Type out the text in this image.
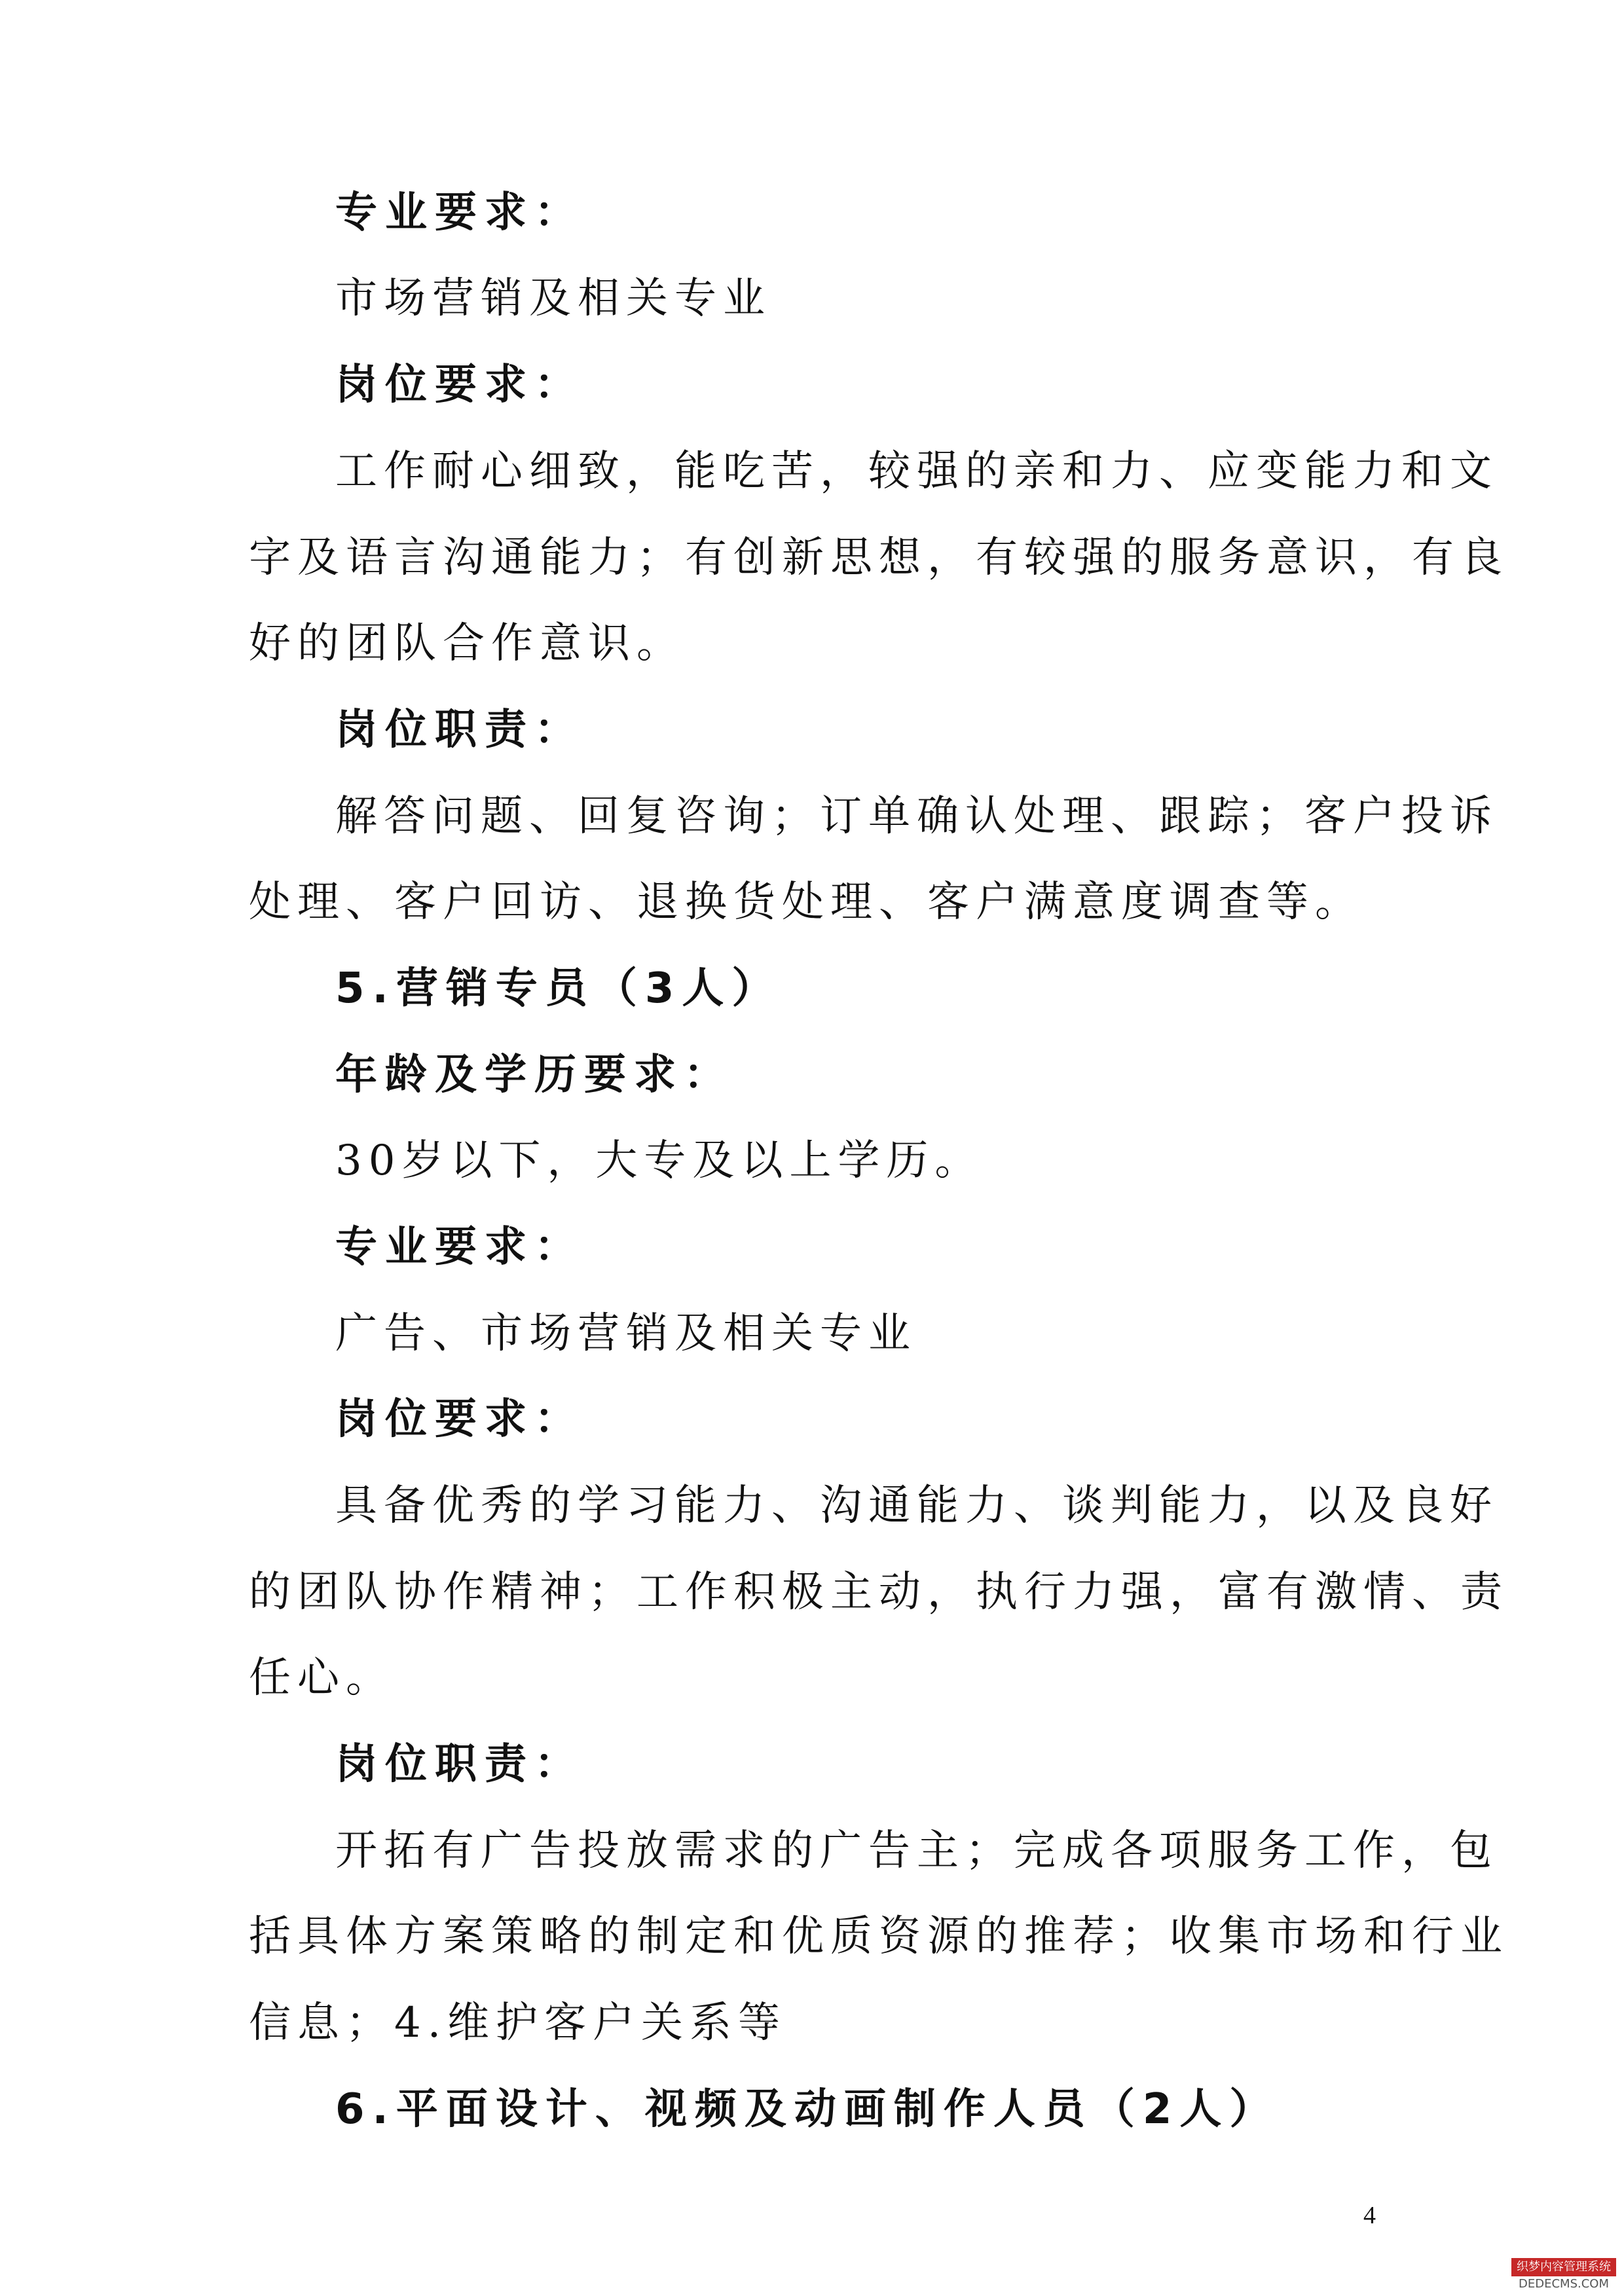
专业要求：
市场营销及相关专业
岗位要求：
工作耐心细致，能吃苦，较强的亲和力、应变能力和文
字及语言沟通能力；有创新思想，有较强的服务意识，有良
好的团队合作意识。
岗位职责：
解答问题、回复咨询；订单确认处理、跟踪；客户投诉
处理、客户回访、退换货处理、客户满意度调查等。
5.营销专员（3人）
年龄及学历要求：
30岁以下，大专及以上学历。
专业要求：
广告、市场营销及相关专业
岗位要求：
具备优秀的学习能力、沟通能力、谈判能力，以及良好
的团队协作精神；工作积极主动，执行力强，富有激情、责
任心。
岗位职责：
开拓有广告投放需求的广告主；完成各项服务工作，包
括具体方案策略的制定和优质资源的推荐；收集市场和行业
信息；4.维护客户关系等
6.平面设计、视频及动画制作人员（2人）
4
织梦内容管理系统
DEDECMS.COM
